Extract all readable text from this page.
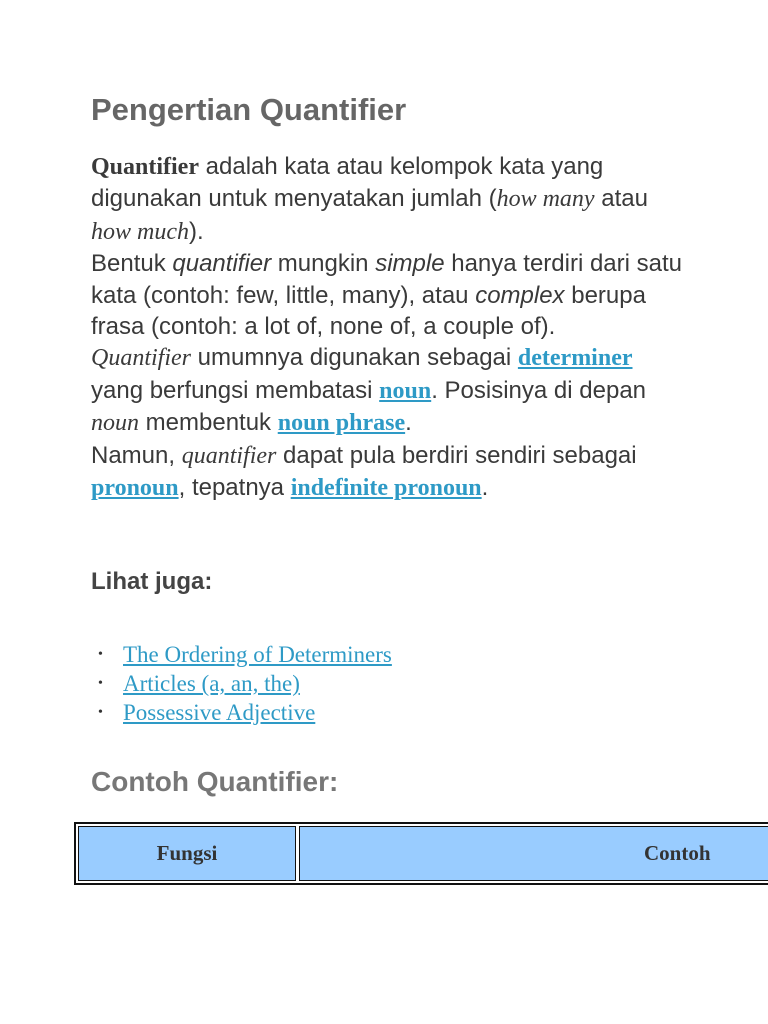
Pengertian Quantifier
Quantifier adalah kata atau kelompok kata yang digunakan untuk menyatakan jumlah (how many atau how much).
Bentuk quantifier mungkin simple hanya terdiri dari satu kata (contoh: few, little, many), atau complex berupa frasa (contoh: a lot of, none of, a couple of).
Quantifier umumnya digunakan sebagai determiner yang berfungsi membatasi noun. Posisinya di depan noun membentuk noun phrase.
Namun, quantifier dapat pula berdiri sendiri sebagai pronoun, tepatnya indefinite pronoun.
Lihat juga:
• The Ordering of Determiners
• Articles (a, an, the)
• Possessive Adjective
Contoh Quantifier:
Fungsi	Contoh
